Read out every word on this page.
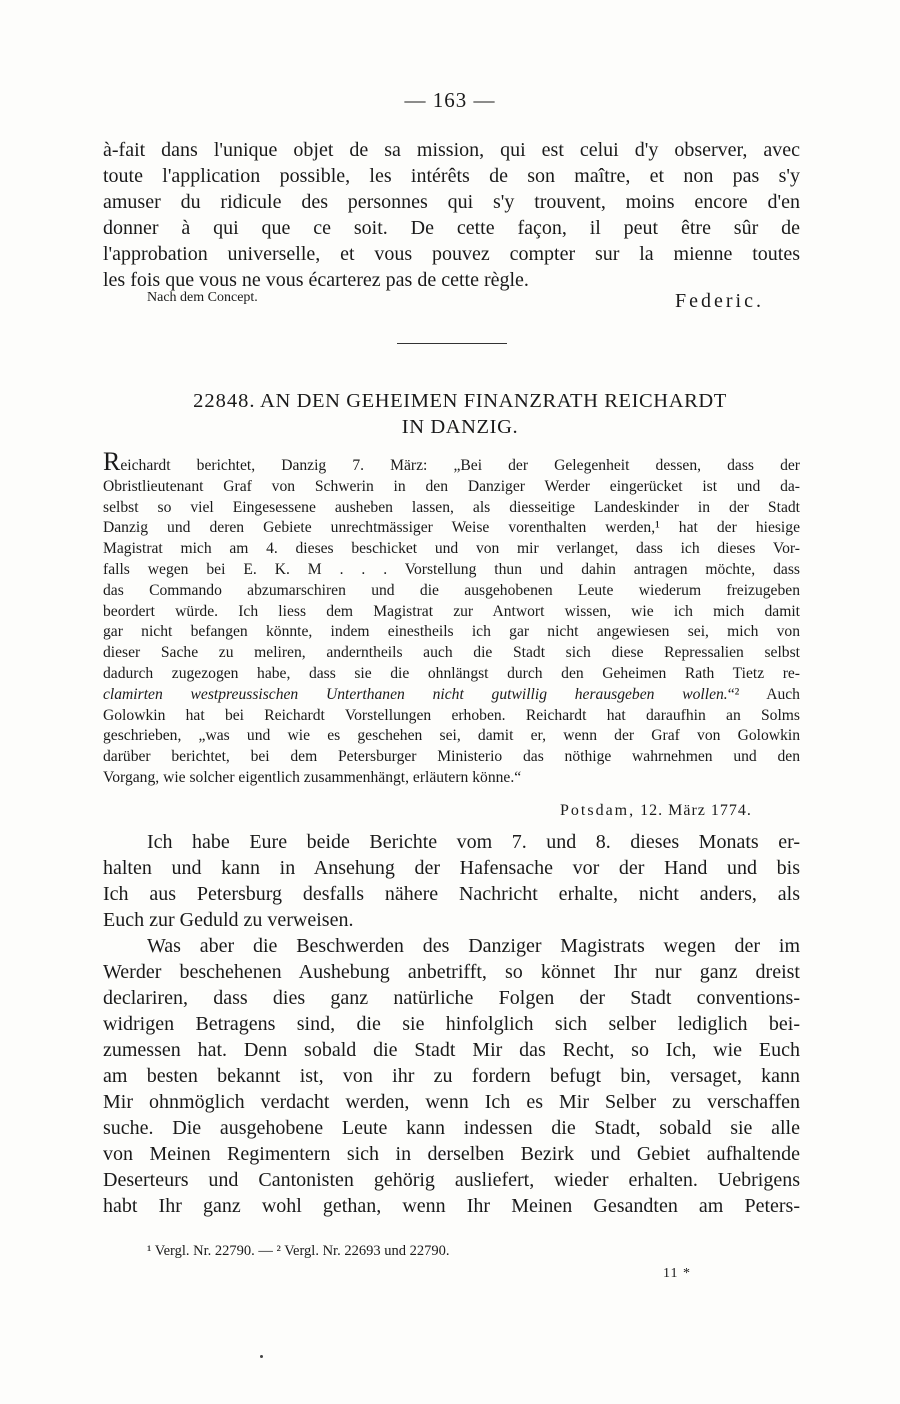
— 163 —
à-fait dans l'unique objet de sa mission, qui est celui d'y observer, avec
toute l'application possible, les intérêts de son maître, et non pas s'y
amuser du ridicule des personnes qui s'y trouvent, moins encore d'en
donner à qui que ce soit. De cette façon, il peut être sûr de
l'approbation universelle, et vous pouvez compter sur la mienne toutes
les fois que vous ne vous écarterez pas de cette règle.
Nach dem Concept.	Federic.
22848. AN DEN GEHEIMEN FINANZRATH REICHARDT
IN DANZIG.
Reichardt berichtet, Danzig 7. März: „Bei der Gelegenheit dessen, dass der
Obristlieutenant Graf von Schwerin in den Danziger Werder eingerücket ist und da-
selbst so viel Eingesessene ausheben lassen, als diesseitige Landeskinder in der Stadt
Danzig und deren Gebiete unrechtmässiger Weise vorenthalten werden,¹ hat der hiesige
Magistrat mich am 4. dieses beschicket und von mir verlanget, dass ich dieses Vor-
falls wegen bei E. K. M . . . Vorstellung thun und dahin antragen möchte, dass
das Commando abzumarschiren und die ausgehobenen Leute wiederum freizugeben
beordert würde. Ich liess dem Magistrat zur Antwort wissen, wie ich mich damit
gar nicht befangen könnte, indem einestheils ich gar nicht angewiesen sei, mich von
dieser Sache zu meliren, anderntheils auch die Stadt sich diese Repressalien selbst
dadurch zugezogen habe, dass sie die ohnlängst durch den Geheimen Rath Tietz re-
clamirten westpreussischen Unterthanen nicht gutwillig herausgeben wollen.“² Auch
Golowkin hat bei Reichardt Vorstellungen erhoben. Reichardt hat daraufhin an Solms
geschrieben, „was und wie es geschehen sei, damit er, wenn der Graf von Golowkin
darüber berichtet, bei dem Petersburger Ministerio das nöthige wahrnehmen und den
Vorgang, wie solcher eigentlich zusammenhängt, erläutern könne.“
Potsdam, 12. März 1774.
Ich habe Eure beide Berichte vom 7. und 8. dieses Monats er-
halten und kann in Ansehung der Hafensache vor der Hand und bis
Ich aus Petersburg desfalls nähere Nachricht erhalte, nicht anders, als
Euch zur Geduld zu verweisen.
Was aber die Beschwerden des Danziger Magistrats wegen der im
Werder beschehenen Aushebung anbetrifft, so könnet Ihr nur ganz dreist
declariren, dass dies ganz natürliche Folgen der Stadt conventions-
widrigen Betragens sind, die sie hinfolglich sich selber lediglich bei-
zumessen hat. Denn sobald die Stadt Mir das Recht, so Ich, wie Euch
am besten bekannt ist, von ihr zu fordern befugt bin, versaget, kann
Mir ohnmöglich verdacht werden, wenn Ich es Mir Selber zu verschaffen
suche. Die ausgehobene Leute kann indessen die Stadt, sobald sie alle
von Meinen Regimentern sich in derselben Bezirk und Gebiet aufhaltende
Deserteurs und Cantonisten gehörig ausliefert, wieder erhalten. Uebrigens
habt Ihr ganz wohl gethan, wenn Ihr Meinen Gesandten am Peters-
¹ Vergl. Nr. 22790. — ² Vergl. Nr. 22693 und 22790.
11 *
